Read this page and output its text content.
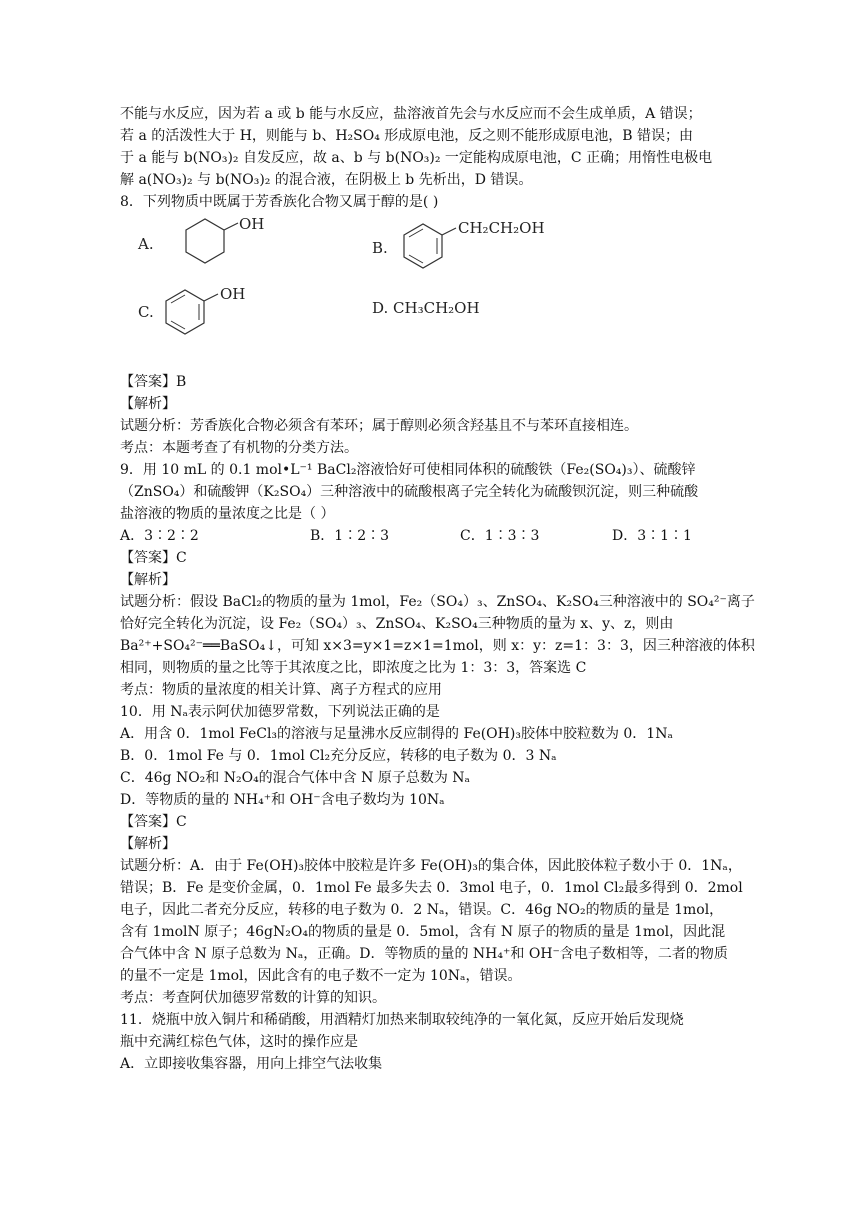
不能与水反应，因为若 a 或 b 能与水反应，盐溶液首先会与水反应而不会生成单质，A 错误；
若 a 的活泼性大于 H，则能与 b、H₂SO₄ 形成原电池，反之则不能形成原电池，B 错误；由
于 a 能与 b(NO₃)₂ 自发反应，故 a、b 与 b(NO₃)₂ 一定能构成原电池，C 正确；用惰性电极电
解 a(NO₃)₂ 与 b(NO₃)₂ 的混合液，在阴极上 b 先析出，D 错误。
8．下列物质中既属于芳香族化合物又属于醇的是( )
A.
OH
B.
CH₂CH₂OH
C.
OH
D. CH₃CH₂OH
【答案】B
【解析】
试题分析：芳香族化合物必须含有苯环；属于醇则必须含羟基且不与苯环直接相连。
考点：本题考查了有机物的分类方法。
9．用 10 mL 的 0.1 mol•L⁻¹ BaCl₂溶液恰好可使相同体积的硫酸铁（Fe₂(SO₄)₃）、硫酸锌
（ZnSO₄）和硫酸钾（K₂SO₄）三种溶液中的硫酸根离子完全转化为硫酸钡沉淀，则三种硫酸
盐溶液的物质的量浓度之比是（ ）
A．3∶2∶2	B．1∶2∶3	C．1∶3∶3	D．3∶1∶1
【答案】C
【解析】
试题分析：假设 BaCl₂的物质的量为 1mol，Fe₂（SO₄）₃、ZnSO₄、K₂SO₄三种溶液中的 SO₄²⁻离子
恰好完全转化为沉淀，设 Fe₂（SO₄）₃、ZnSO₄、K₂SO₄三种物质的量为 x、y、z，则由
Ba²⁺+SO₄²⁻══BaSO₄↓，可知 x×3=y×1=z×1=1mol，则 x：y：z=1：3：3，因三种溶液的体积
相同，则物质的量之比等于其浓度之比，即浓度之比为 1：3：3，答案选 C
考点：物质的量浓度的相关计算、离子方程式的应用
10．用 Nₐ表示阿伏加德罗常数，下列说法正确的是
A．用含 0．1mol FeCl₃的溶液与足量沸水反应制得的 Fe(OH)₃胶体中胶粒数为 0．1Nₐ
B．0．1mol Fe 与 0．1mol Cl₂充分反应，转移的电子数为 0．3 Nₐ
C．46g NO₂和 N₂O₄的混合气体中含 N 原子总数为 Nₐ
D．等物质的量的 NH₄⁺和 OH⁻含电子数均为 10Nₐ
【答案】C
【解析】
试题分析：A．由于 Fe(OH)₃胶体中胶粒是许多 Fe(OH)₃的集合体，因此胶体粒子数小于 0．1Nₐ，
错误；B．Fe 是变价金属，0．1mol Fe 最多失去 0．3mol 电子，0．1mol Cl₂最多得到 0．2mol
电子，因此二者充分反应，转移的电子数为 0．2 Nₐ，错误。C．46g NO₂的物质的量是 1mol，
含有 1molN 原子；46gN₂O₄的物质的量是 0．5mol，含有 N 原子的物质的量是 1mol，因此混
合气体中含 N 原子总数为 Nₐ，正确。D．等物质的量的 NH₄⁺和 OH⁻含电子数相等，二者的物质
的量不一定是 1mol，因此含有的电子数不一定为 10Nₐ，错误。
考点：考查阿伏加德罗常数的计算的知识。
11．烧瓶中放入铜片和稀硝酸，用酒精灯加热来制取较纯净的一氧化氮，反应开始后发现烧
瓶中充满红棕色气体，这时的操作应是
A．立即接收集容器，用向上排空气法收集
